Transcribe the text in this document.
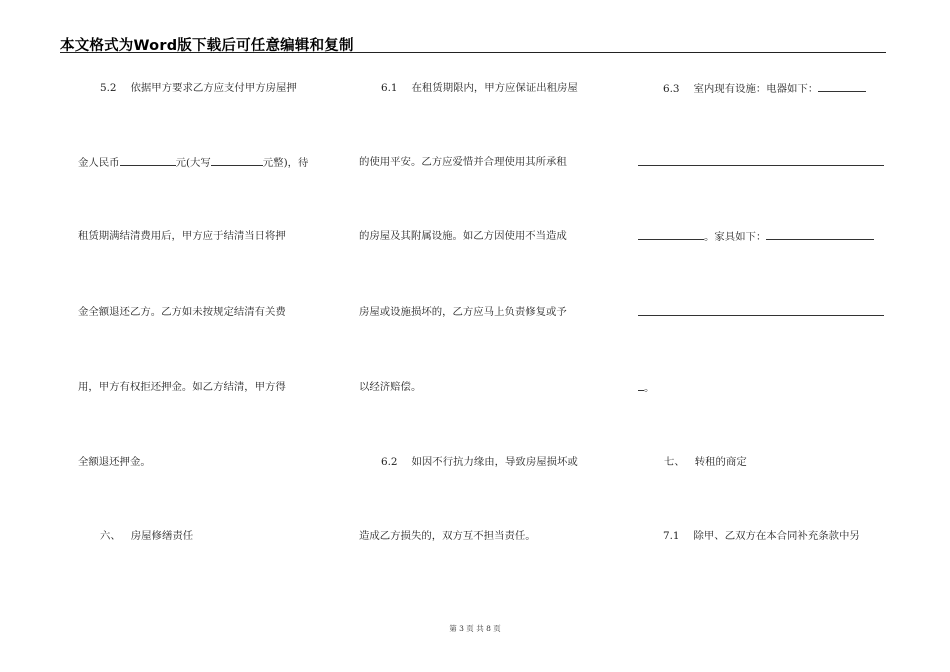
本文格式为Word版下载后可任意编辑和复制
5.2 依据甲方要求乙方应支付甲方房屋押
金人民币	元(大写	元整)，待
租赁期满结清费用后，甲方应于结清当日将押
金全额退还乙方。乙方如未按规定结清有关费
用，甲方有权拒还押金。如乙方结清，甲方得
全额退还押金。
六、 房屋修缮责任
6.1 在租赁期限内，甲方应保证出租房屋
的使用平安。乙方应爱惜并合理使用其所承租
的房屋及其附属设施。如乙方因使用不当造成
房屋或设施损坏的，乙方应马上负责修复或予
以经济赔偿。
6.2 如因不行抗力缘由，导致房屋损坏或
造成乙方损失的，双方互不担当责任。
6.3 室内现有设施：电器如下：
。家具如下：
。
七、 转租的商定
7.1 除甲、乙双方在本合同补充条款中另
第 3 页 共 8 页
